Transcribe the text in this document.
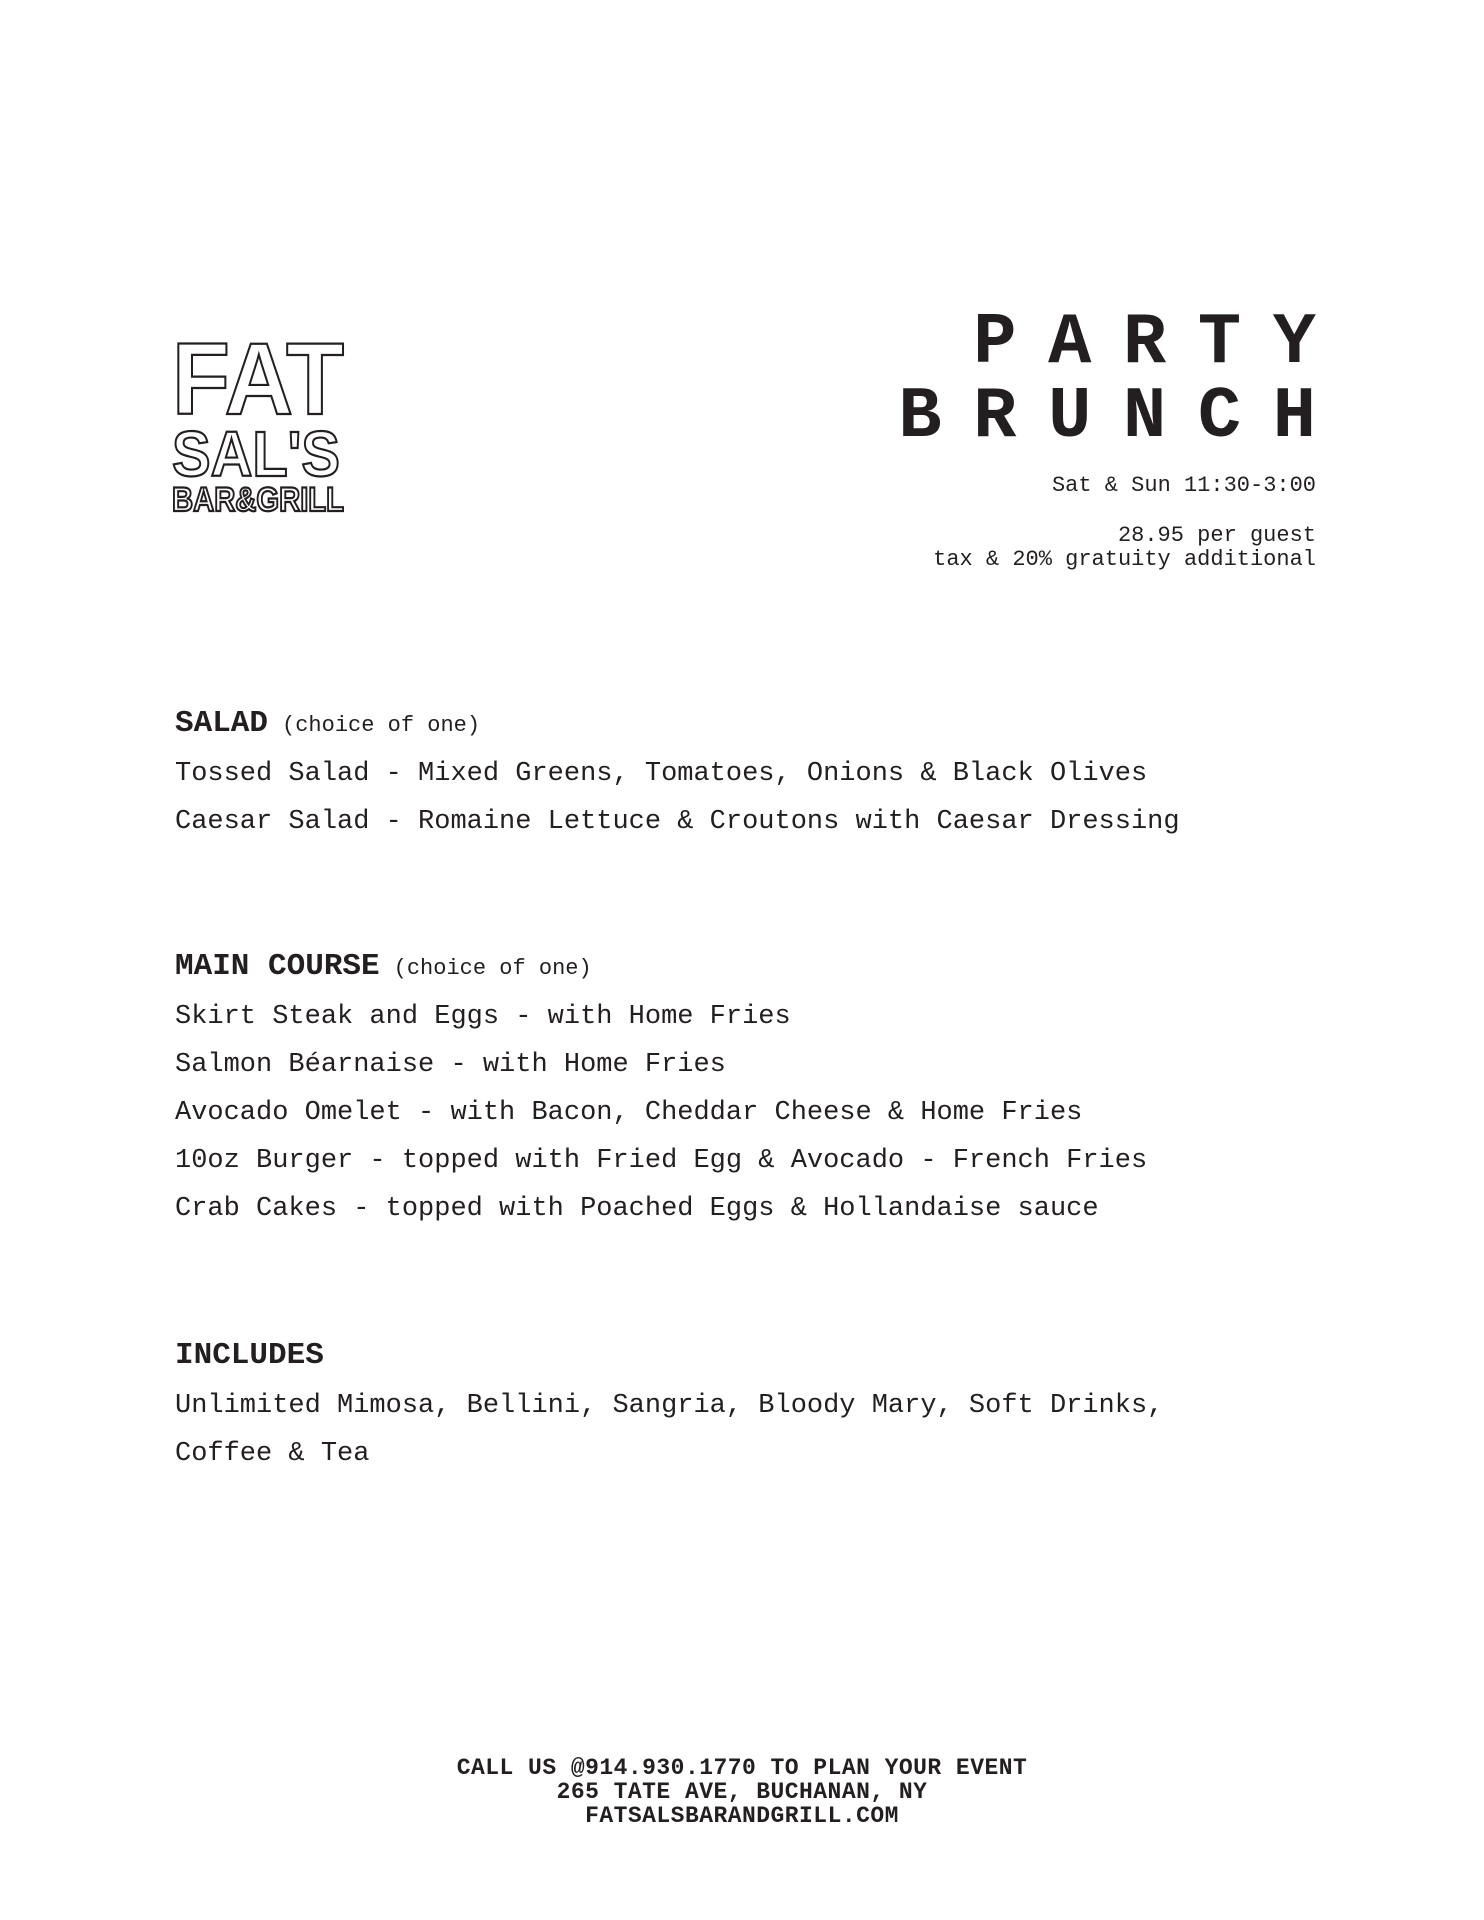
FAT
SAL'S
BAR&GRILL
PARTY
BRUNCH
Sat & Sun 11:30-3:00
28.95 per guest
tax & 20% gratuity additional
SALAD (choice of one)
Tossed Salad - Mixed Greens, Tomatoes, Onions & Black Olives
Caesar Salad - Romaine Lettuce & Croutons with Caesar Dressing
MAIN COURSE (choice of one)
Skirt Steak and Eggs - with Home Fries
Salmon Béarnaise - with Home Fries
Avocado Omelet - with Bacon, Cheddar Cheese & Home Fries
10oz Burger - topped with Fried Egg & Avocado - French Fries
Crab Cakes - topped with Poached Eggs & Hollandaise sauce
INCLUDES
Unlimited Mimosa, Bellini, Sangria, Bloody Mary, Soft Drinks,
Coffee & Tea
CALL US @914.930.1770 TO PLAN YOUR EVENT
265 TATE AVE, BUCHANAN, NY
FATSALSBARANDGRILL.COM
